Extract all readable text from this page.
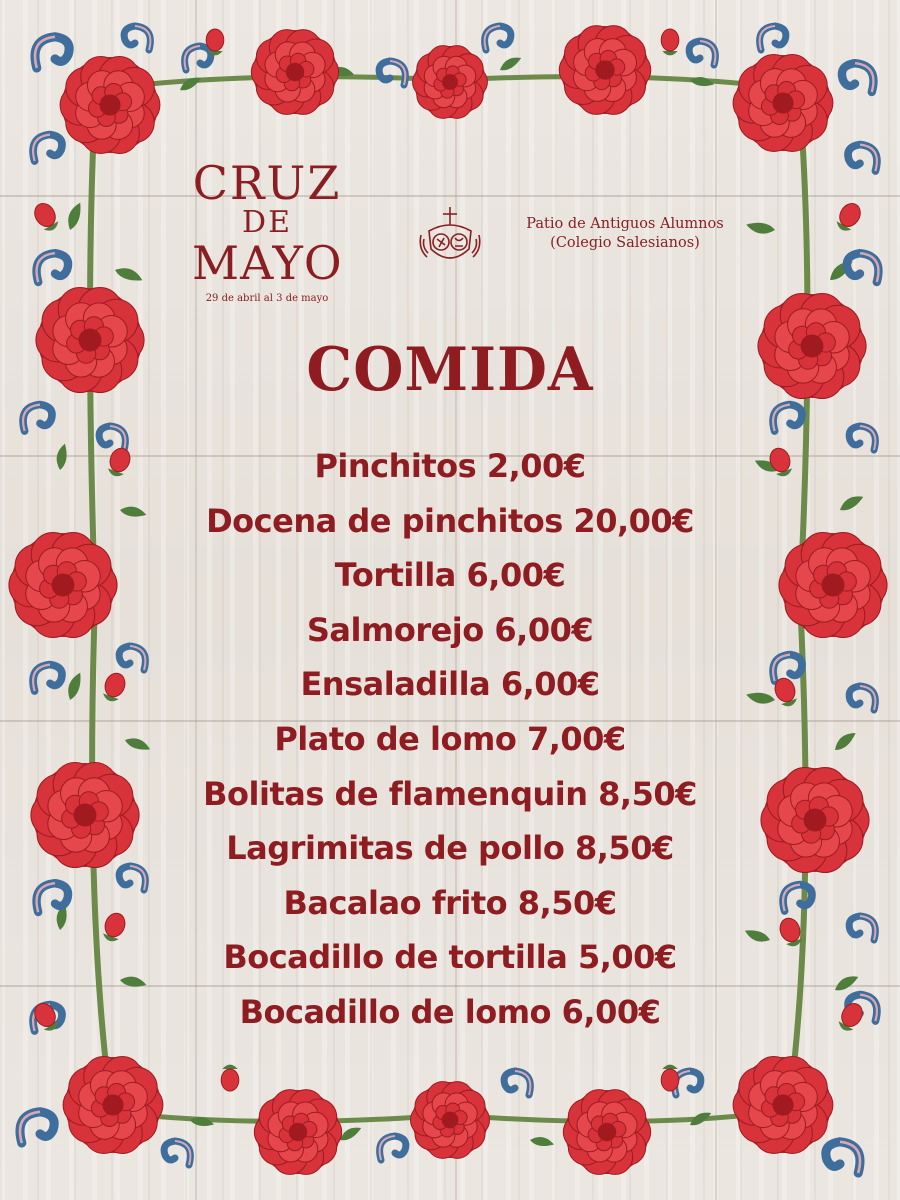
CRUZ
DE
MAYO
29 de abril al 3 de mayo
Patio de Antiguos Alumnos
(Colegio Salesianos)
COMIDA
Pinchitos 2,00€
Docena de pinchitos 20,00€
Tortilla 6,00€
Salmorejo 6,00€
Ensaladilla 6,00€
Plato de lomo 7,00€
Bolitas de flamenquin 8,50€
Lagrimitas de pollo 8,50€
Bacalao frito 8,50€
Bocadillo de tortilla 5,00€
Bocadillo de lomo 6,00€
